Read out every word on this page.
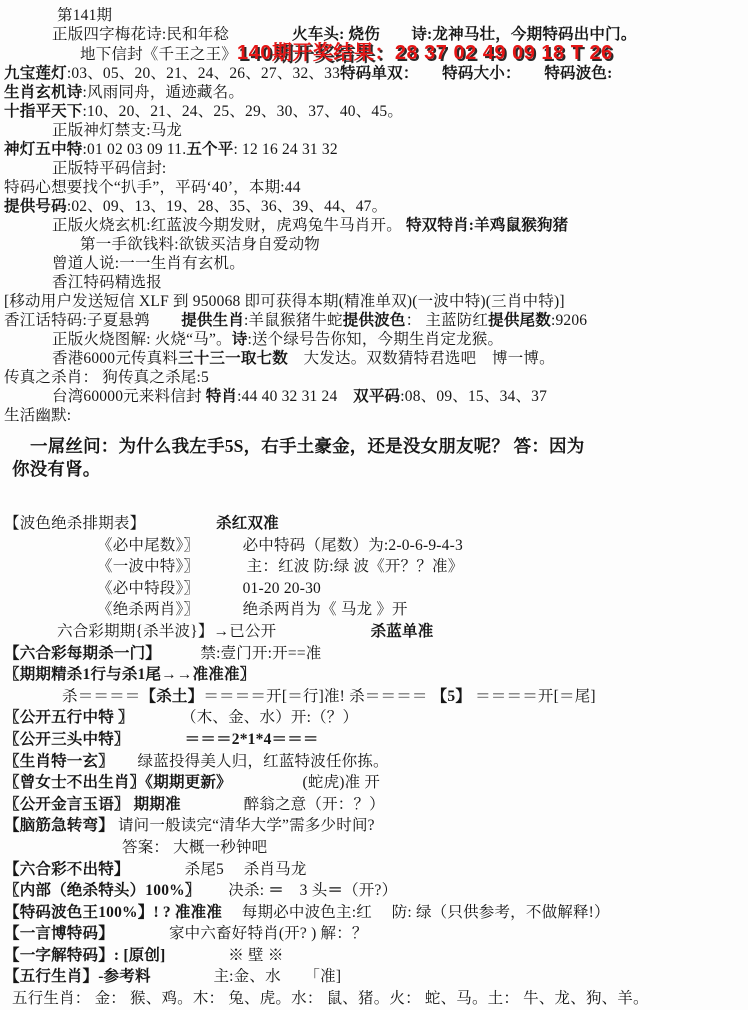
第141期
正版四字梅花诗:民和年稔　　　　火车头: 烧伤　　诗:龙神马壮，今期特码出中门。
地下信封《千王之王》140期开奖结果：28 37 02 49 09 18 T 26
九宝莲灯:03、05、20、21、24、26、27、32、33特码单双：　　特码大小：　　特码波色:
生肖玄机诗:风雨同舟，遁迹藏名。
十指平天下:10、20、21、24、25、29、30、37、40、45。
正版神灯禁支:马龙
神灯五中特:01 02 03 09 11.五个平: 12 16 24 31 32
正版特平码信封:
特码心想要找个“扒手”，平码‘40’，本期:44
提供号码:02、09、13、19、28、35、36、39、44、47。
正版火烧玄机:红蓝波今期发财，虎鸡兔牛马肖开。 特双特肖:羊鸡鼠猴狗猪
第一手欲钱料:欲钹买洁身自爱动物
曾道人说:一一生肖有玄机。
香江特码精选报
[移动用户发送短信 XLF 到 950068 即可获得本期(精准单双)(一波中特)(三肖中特)]
香江话特码:子夏悬鹑　　提供生肖:羊鼠猴猪牛蛇提供波色： 主蓝防红提供尾数:9206
正版火烧图解: 火烧“马”。诗:送个绿号告你知，今期生肖定龙猴。
香港6000元传真料三十三一取七数　大发达。双数猜特君选吧　博一博。
传真之杀肖： 狗传真之杀尾:5
台湾60000元来料信封 特肖:44 40 32 31 24　双平码:08、09、15、34、37
生活幽默:
一屌丝问：为什么我左手5S，右手土豪金，还是没女朋友呢？ 答：因为
你没有肾。
【波色绝杀排期表】　　　　　	杀红双准
《必中尾数》〗　　　	必中特码（尾数）为:2-0-6-9-4-3
《一波中特》〗　　　	主：红波 防:绿 波《开？？准》
《必中特段》〗　　　	01-20 20-30
《绝杀两肖》〗　　　	绝杀两肖为《 马龙 》开
六合彩期期{杀半波}】→已公开　　　　　　	杀蓝单准
【六合彩每期杀一门】　　　禁:壹门开:开==准
〖期期精杀1行与杀1尾→→准准准〗
杀＝＝＝＝【杀土】＝＝＝＝开[＝行]准! 杀＝＝＝＝ 【5】 ＝＝＝＝开[＝尾]
〖公开五行中特 〗　　　　（木、金、水）开:（？）
〖公开三头中特〗　　　　	＝＝＝2*1*4＝＝＝
〖生肖特一玄〗　　绿蓝投得美人归，红蓝特波任你拣。
〖曾女士不出生肖〗《期期更新》　　　　　(蛇虎)准 开
〖公开金言玉语〗 期期准　　　　醉翁之意（开：？）
【脑筋急转弯】 请问一般读完“清华大学”需多少时间?
答案： 大概一秒钟吧
【六合彩不出特】　　　　杀尾5　 杀肖马龙
〖内部（绝杀特头）100%〗　　 决杀: ＝　3 头＝（开?）
【特码波色王100%】! ? 准准准　 每期必中波色主:红　 防: 绿（只供参考，不做解释!）
【一言博特码】　　　　家中六畜好特肖(开? ) 解：？
【一字解特码】: [原创]　　　　※ 壁 ※
【五行生肖】-参考料　　　　主:金、水　　「准]
五行生肖： 金： 猴、鸡。木： 兔、虎。水： 鼠、猪。火： 蛇、马。土： 牛、龙、狗、羊。
